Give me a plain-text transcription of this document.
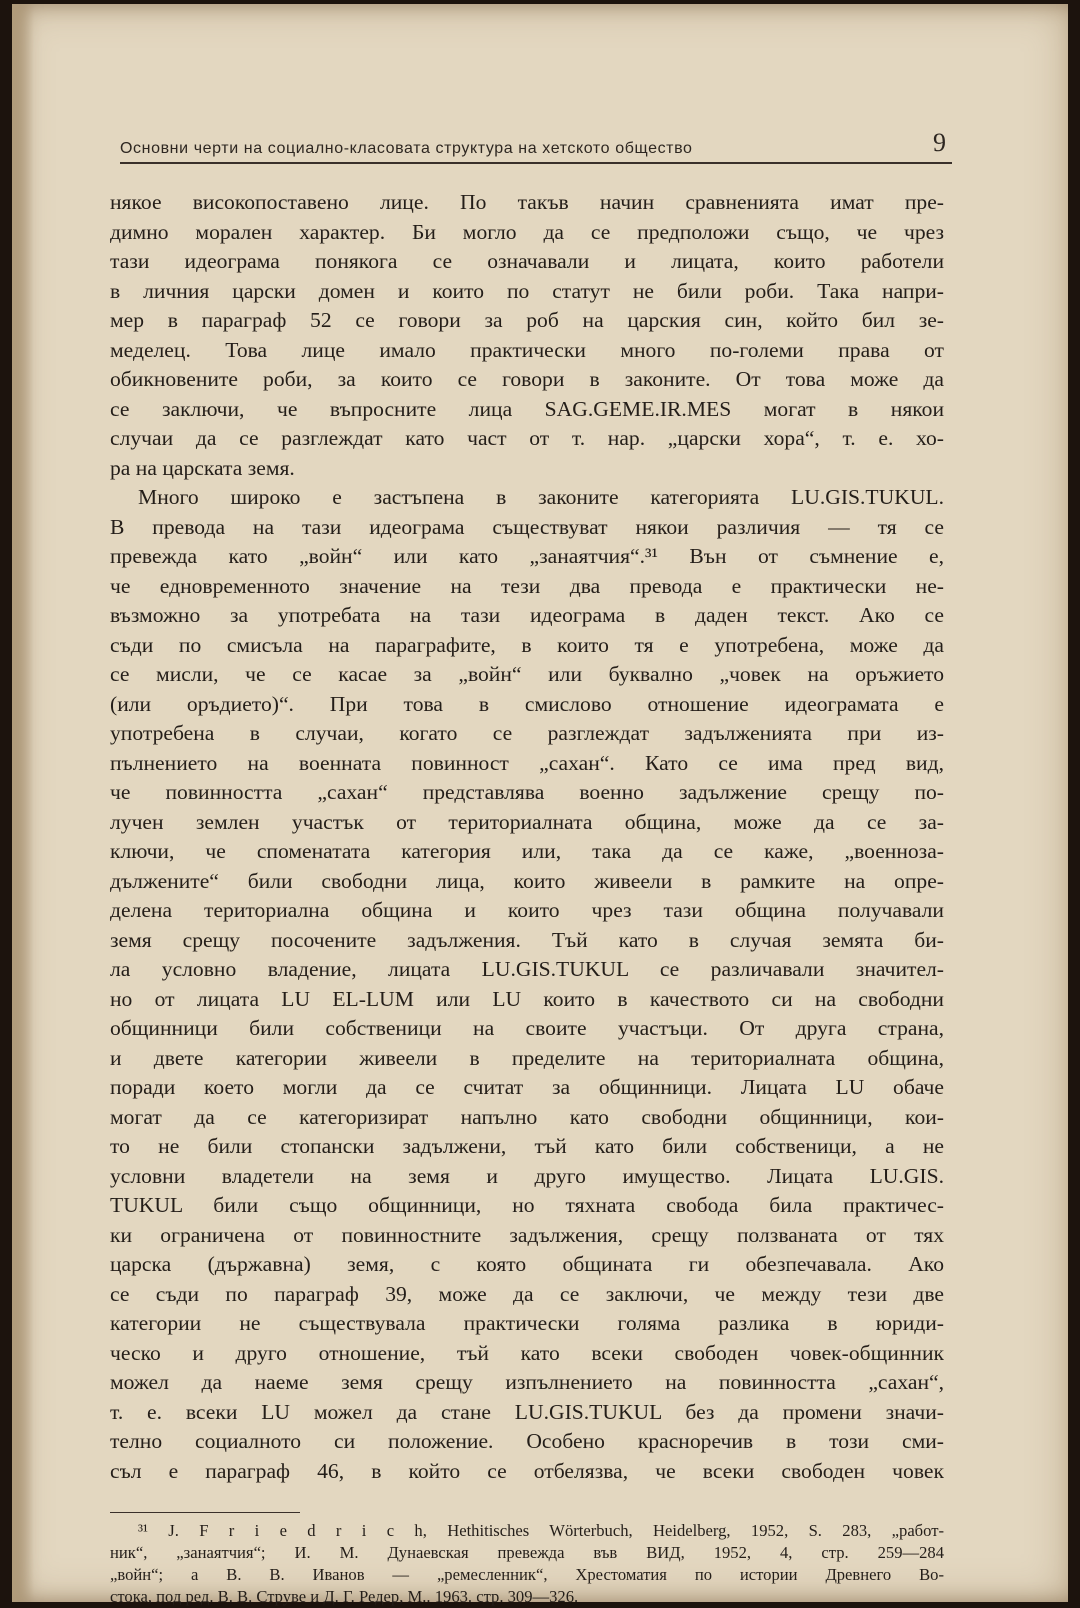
Основни черти на социално-класовата структура на хетското общество	9
някое високопоставено лице. По такъв начин сравненията имат пре-
димно морален характер. Би могло да се предположи също, че чрез
тази идеограма понякога се означавали и лицата, които работели
в личния царски домен и които по статут не били роби. Така напри-
мер в параграф 52 се говори за роб на царския син, който бил зе-
меделец. Това лице имало практически много по-големи права от
обикновените роби, за които се говори в законите. От това може да
се заключи, че въпросните лица SAG.GEME.IR.MES могат в някои
случаи да се разглеждат като част от т. нар. „царски хора“, т. е. хо-
ра на царската земя.
Много широко е застъпена в законите категорията LU.GIS.TUKUL.
В превода на тази идеограма съществуват някои различия — тя се
превежда като „войн“ или като „занаятчия“.³¹ Вън от съмнение е,
че едновременното значение на тези два превода е практически не-
възможно за употребата на тази идеограма в даден текст. Ако се
съди по смисъла на параграфите, в които тя е употребена, може да
се мисли, че се касае за „войн“ или буквално „човек на оръжието
(или оръдието)“. При това в смислово отношение идеограмата е
употребена в случаи, когато се разглеждат задълженията при из-
пълнението на военната повинност „сахан“. Като се има пред вид,
че повинността „сахан“ представлява военно задължение срещу по-
лучен землен участък от териториалната община, може да се за-
ключи, че споменатата категория или, така да се каже, „военноза-
дължените“ били свободни лица, които живеели в рамките на опре-
делена териториална община и които чрез тази община получавали
земя срещу посочените задължения. Тъй като в случая земята би-
ла условно владение, лицата LU.GIS.TUKUL се различавали значител-
но от лицата LU EL-LUM или LU които в качеството си на свободни
общинници били собственици на своите участъци. От друга страна,
и двете категории живеели в пределите на териториалната община,
поради което могли да се считат за общинници. Лицата LU обаче
могат да се категоризират напълно като свободни общинници, кои-
то не били стопански задължени, тъй като били собственици, а не
условни владетели на земя и друго имущество. Лицата LU.GIS.
TUKUL били също общинници, но тяхната свобода била практичес-
ки ограничена от повинностните задължения, срещу ползваната от тях
царска (държавна) земя, с която общината ги обезпечавала. Ако
се съди по параграф 39, може да се заключи, че между тези две
категории не съществувала практически голяма разлика в юриди-
ческо и друго отношение, тъй като всеки свободен човек-общинник
можел да наеме земя срещу изпълнението на повинността „сахан“,
т. е. всеки LU можел да стане LU.GIS.TUKUL без да промени значи-
телно социалното си положение. Особено красноречив в този сми-
съл е параграф 46, в който се отбелязва, че всеки свободен човек
³¹ J. F r i e d r i c h, Hethitisches Wörterbuch, Heidelberg, 1952, S. 283, „работ-
ник“, „занаятчия“; И. М. Дунаевская превежда във ВИД, 1952, 4, стр. 259—284
„войн“; а В. В. Иванов — „ремесленник“, Хрестоматия по истории Древнего Во-
стока, под ред. В. В. Струве и Д. Г. Редер, М.. 1963. стр. 309—326.
